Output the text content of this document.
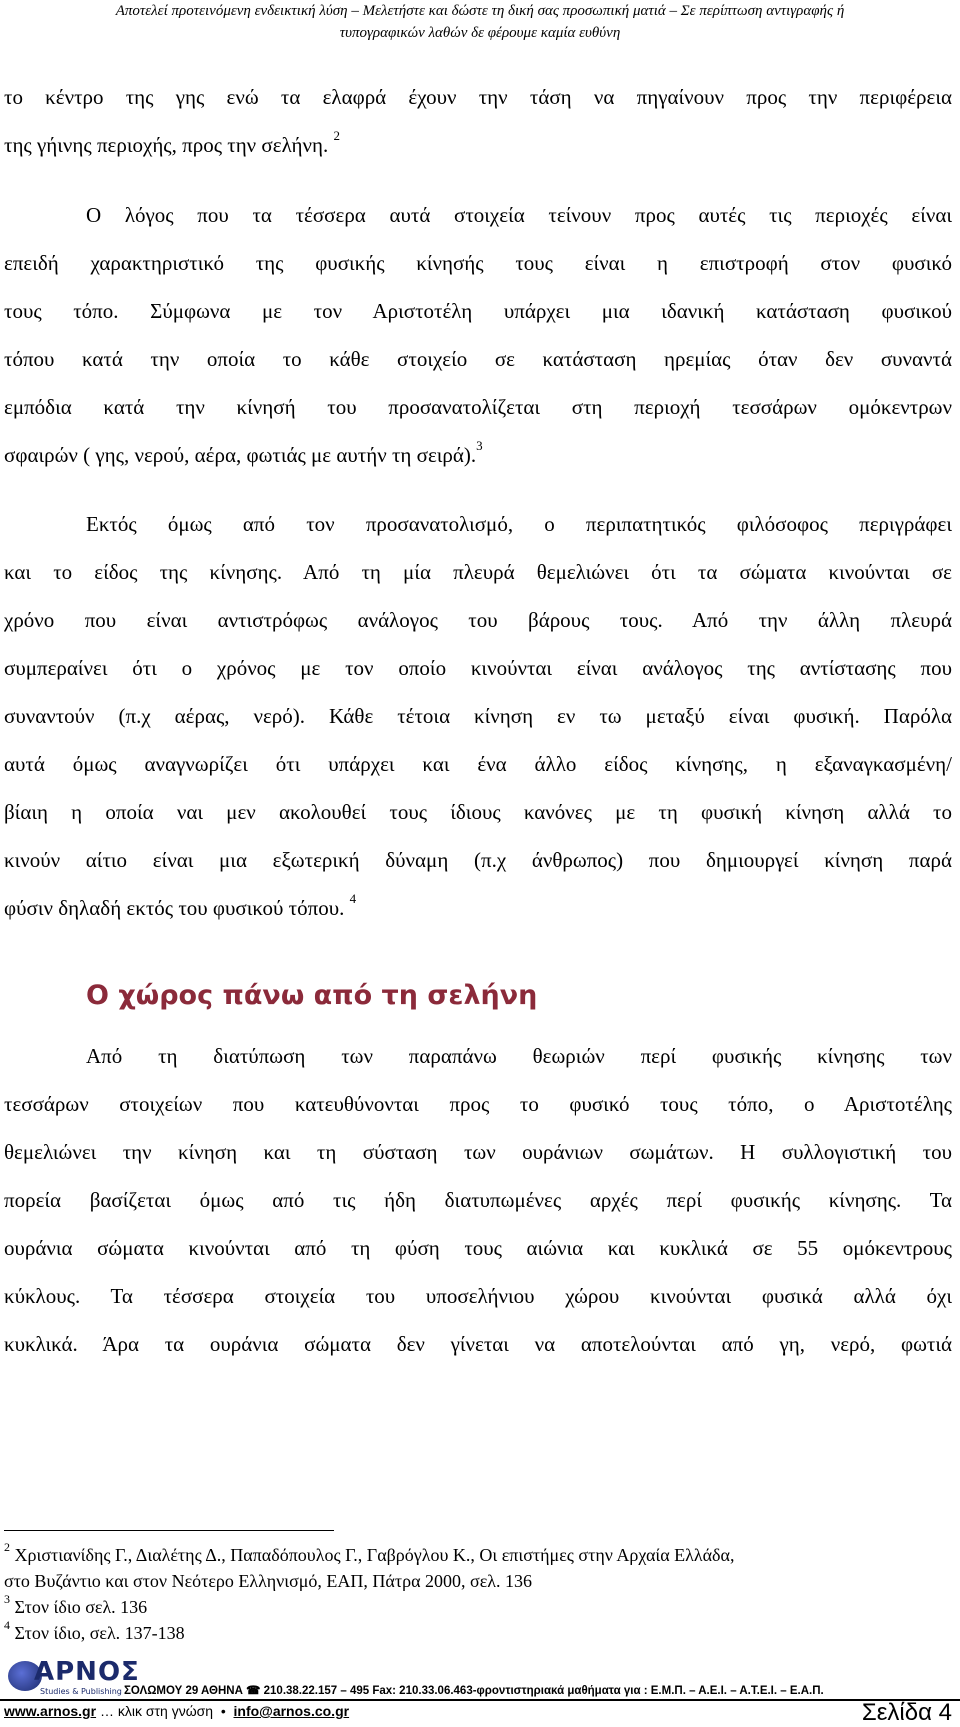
Αποτελεί προτεινόμενη ενδεικτική λύση – Μελετήστε και δώστε τη δική σας προσωπική ματιά – Σε περίπτωση αντιγραφής ή
τυπογραφικών λαθών δε φέρουμε καμία ευθύνη
το κέντρο της γης ενώ τα ελαφρά έχουν την τάση να πηγαίνουν προς την περιφέρεια
της γήινης περιοχής, προς την σελήνη. $^2$
Ο λόγος που τα τέσσερα αυτά στοιχεία τείνουν προς αυτές τις περιοχές είναι
επειδή χαρακτηριστικό της φυσικής κίνησής τους είναι η επιστροφή στον φυσικό
τους τόπο. Σύμφωνα με τον Αριστοτέλη υπάρχει μια ιδανική κατάσταση φυσικού
τόπου κατά την οποία το κάθε στοιχείο σε κατάσταση ηρεμίας όταν δεν συναντά
εμπόδια κατά την κίνησή του προσανατολίζεται στη περιοχή τεσσάρων ομόκεντρων
σφαιρών ( γης, νερού, αέρα, φωτιάς με αυτήν τη σειρά).$^3$
Εκτός όμως από τον προσανατολισμό, ο περιπατητικός φιλόσοφος περιγράφει
και το είδος της κίνησης. Από τη μία πλευρά θεμελιώνει ότι τα σώματα κινούνται σε
χρόνο που είναι αντιστρόφως ανάλογος του βάρους τους. Από την άλλη πλευρά
συμπεραίνει ότι ο χρόνος με τον οποίο κινούνται είναι ανάλογος της αντίστασης που
συναντούν (π.χ αέρας, νερό). Κάθε τέτοια κίνηση εν τω μεταξύ είναι φυσική. Παρόλα
αυτά όμως αναγνωρίζει ότι υπάρχει και ένα άλλο είδος κίνησης, η εξαναγκασμένη/
βίαιη η οποία ναι μεν ακολουθεί τους ίδιους κανόνες με τη φυσική κίνηση αλλά το
κινούν αίτιο είναι μια εξωτερική δύναμη (π.χ άνθρωπος) που δημιουργεί κίνηση παρά
φύσιν δηλαδή εκτός του φυσικού τόπου. $^4$
Ο χώρος πάνω από τη σελήνη
Από τη διατύπωση των παραπάνω θεωριών περί φυσικής κίνησης των
τεσσάρων στοιχείων που κατευθύνονται προς το φυσικό τους τόπο, ο Αριστοτέλης
θεμελιώνει την κίνηση και τη σύσταση των ουράνιων σωμάτων. Η συλλογιστική του
πορεία βασίζεται όμως από τις ήδη διατυπωμένες αρχές περί φυσικής κίνησης. Τα
ουράνια σώματα κινούνται από τη φύση τους αιώνια και κυκλικά σε 55 ομόκεντρους
κύκλους. Τα τέσσερα στοιχεία του υποσελήνιου χώρου κινούνται φυσικά αλλά όχι
κυκλικά. Άρα τα ουράνια σώματα δεν γίνεται να αποτελούνται από γη, νερό, φωτιά
$^2$ Χριστιανίδης Γ., Διαλέτης Δ., Παπαδόπουλος Γ., Γαβρόγλου Κ., Οι επιστήμες στην Αρχαία Ελλάδα,
στο Βυζάντιο και στον Νεότερο Ελληνισμό, ΕΑΠ, Πάτρα 2000, σελ. 136
$^3$ Στον ίδιο σελ. 136
$^4$ Στον ίδιο, σελ. 137-138
ΑΡΝΟΣ
Studies & Publishing ΣΟΛΩΜΟΥ 29 ΑΘΗΝΑ ☎ 210.38.22.157 – 495 Fax: 210.33.06.463-φροντιστηριακά μαθήματα για : Ε.Μ.Π. – Α.Ε.Ι. – Α.Τ.Ε.Ι. – Ε.Α.Π.
www.arnos.gr … κλικ στη γνώση • info@arnos.co.gr	Σελίδα 4
